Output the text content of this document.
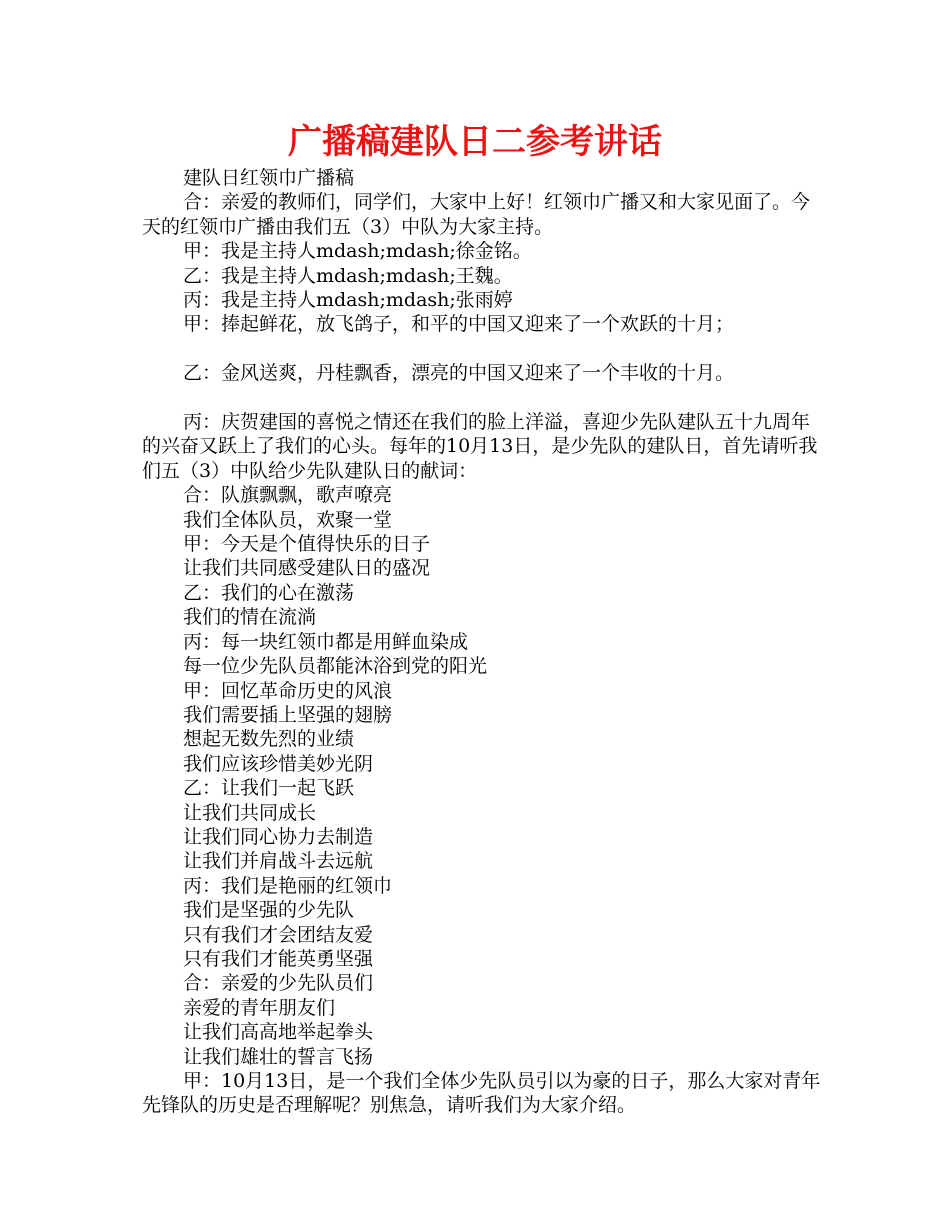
广播稿建队日二参考讲话

建队日红领巾广播稿

合：亲爱的教师们，同学们，大家中上好！红领巾广播又和大家见面了。今天的红领巾广播由我们五（3）中队为大家主持。

甲：我是主持人mdash;mdash;徐金铭。

乙：我是主持人mdash;mdash;王魏。

丙：我是主持人mdash;mdash;张雨婷

甲：捧起鲜花，放飞鸽子，和平的中国又迎来了一个欢跃的十月；

乙：金风送爽，丹桂飘香，漂亮的中国又迎来了一个丰收的十月。

丙：庆贺建国的喜悦之情还在我们的脸上洋溢，喜迎少先队建队五十九周年的兴奋又跃上了我们的心头。每年的10月13日，是少先队的建队日，首先请听我们五（3）中队给少先队建队日的献词：

合：队旗飘飘，歌声嘹亮

我们全体队员，欢聚一堂

甲：今天是个值得快乐的日子

让我们共同感受建队日的盛况

乙：我们的心在激荡

我们的情在流淌

丙：每一块红领巾都是用鲜血染成

每一位少先队员都能沐浴到党的阳光

甲：回忆革命历史的风浪

我们需要插上坚强的翅膀

想起无数先烈的业绩

我们应该珍惜美妙光阴

乙：让我们一起飞跃

让我们共同成长

让我们同心协力去制造

让我们并肩战斗去远航

丙：我们是艳丽的红领巾

我们是坚强的少先队

只有我们才会团结友爱

只有我们才能英勇坚强

合：亲爱的少先队员们

亲爱的青年朋友们

让我们高高地举起拳头

让我们雄壮的誓言飞扬

甲：10月13日，是一个我们全体少先队员引以为豪的日子，那么大家对青年先锋队的历史是否理解呢？别焦急，请听我们为大家介绍。
